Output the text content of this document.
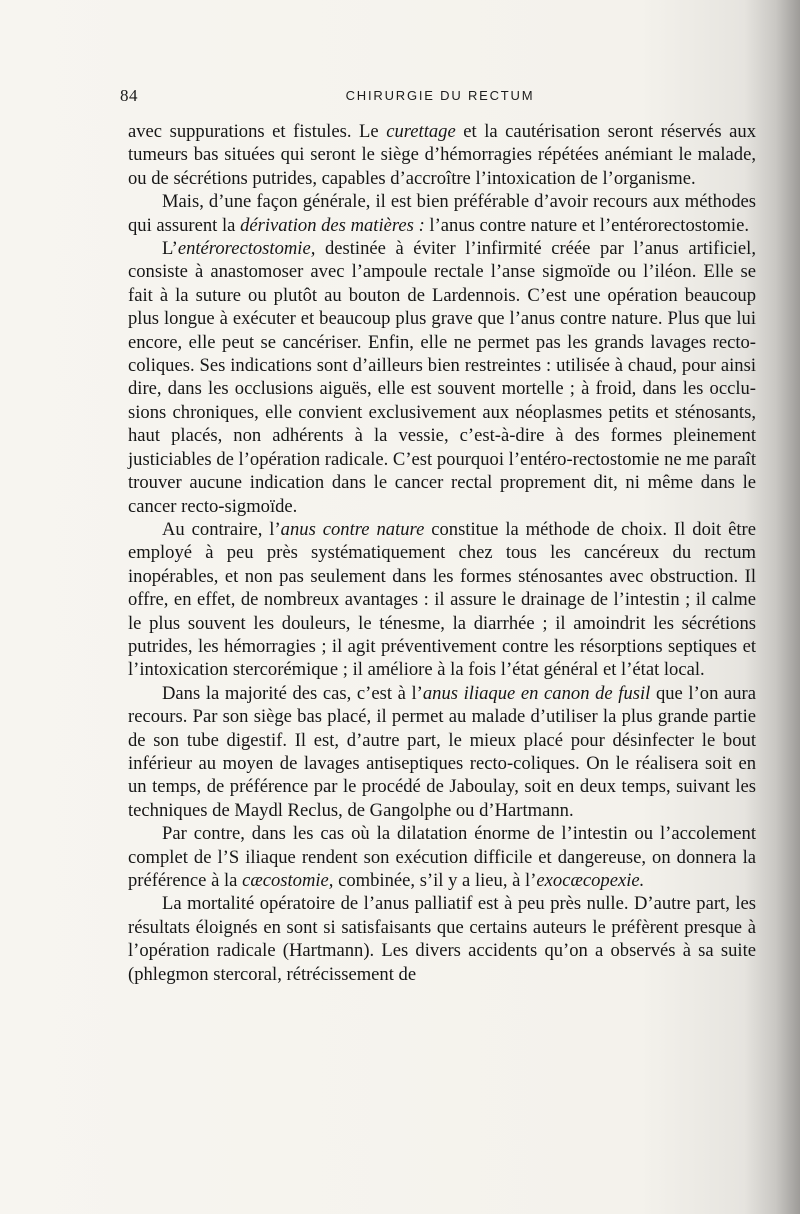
84	CHIRURGIE DU RECTUM

avec suppurations et fistules. Le curettage et la cautérisation seront réservés aux tumeurs bas situées qui seront le siège d’hémorragies répétées anémiant le malade, ou de sécrétions putrides, capables d’accroître l’intoxication de l’organisme.

Mais, d’une façon générale, il est bien préférable d’avoir recours aux méthodes qui assurent la dérivation des matières : l’anus contre nature et l’entérorectostomie.

L’entérorectostomie, destinée à éviter l’infirmité créée par l’anus artificiel, consiste à anastomoser avec l’ampoule rectale l’anse sigmoïde ou l’iléon. Elle se fait à la suture ou plutôt au bouton de Lardennois. C’est une opération beaucoup plus longue à exécuter et beaucoup plus grave que l’anus contre nature. Plus que lui encore, elle peut se cancériser. Enfin, elle ne permet pas les grands lavages recto-coliques. Ses indications sont d’ailleurs bien restreintes : utilisée à chaud, pour ainsi dire, dans les occlusions aiguës, elle est souvent mortelle ; à froid, dans les occlusions chroniques, elle convient exclusivement aux néoplasmes petits et sténosants, haut placés, non adhérents à la vessie, c’est-à-dire à des formes pleinement justiciables de l’opération radicale. C’est pourquoi l’entéro-rectostomie ne me paraît trouver aucune indication dans le cancer rectal proprement dit, ni même dans le cancer recto-sigmoïde.

Au contraire, l’anus contre nature constitue la méthode de choix. Il doit être employé à peu près systématiquement chez tous les cancéreux du rectum inopérables, et non pas seulement dans les formes sténosantes avec obstruction. Il offre, en effet, de nombreux avantages : il assure le drainage de l’intestin ; il calme le plus souvent les douleurs, le ténesme, la diarrhée ; il amoindrit les sécrétions putrides, les hémorragies ; il agit préventivement contre les résorptions septiques et l’intoxication stercorémique ; il améliore à la fois l’état général et l’état local.

Dans la majorité des cas, c’est à l’anus iliaque en canon de fusil que l’on aura recours. Par son siège bas placé, il permet au malade d’utiliser la plus grande partie de son tube digestif. Il est, d’autre part, le mieux placé pour désinfecter le bout inférieur au moyen de lavages antiseptiques recto-coliques. On le réalisera soit en un temps, de préférence par le procédé de Jaboulay, soit en deux temps, suivant les techniques de Maydl Reclus, de Gangolphe ou d’Hartmann.

Par contre, dans les cas où la dilatation énorme de l’intestin ou l’accolement complet de l’S iliaque rendent son exécution difficile et dangereuse, on donnera la préférence à la cæcostomie, combinée, s’il y a lieu, à l’exocæcopexie.

La mortalité opératoire de l’anus palliatif est à peu près nulle. D’autre part, les résultats éloignés en sont si satisfaisants que certains auteurs le préfèrent presque à l’opération radicale (Hartmann). Les divers accidents qu’on a observés à sa suite (phlegmon stercoral, rétrécissement de
